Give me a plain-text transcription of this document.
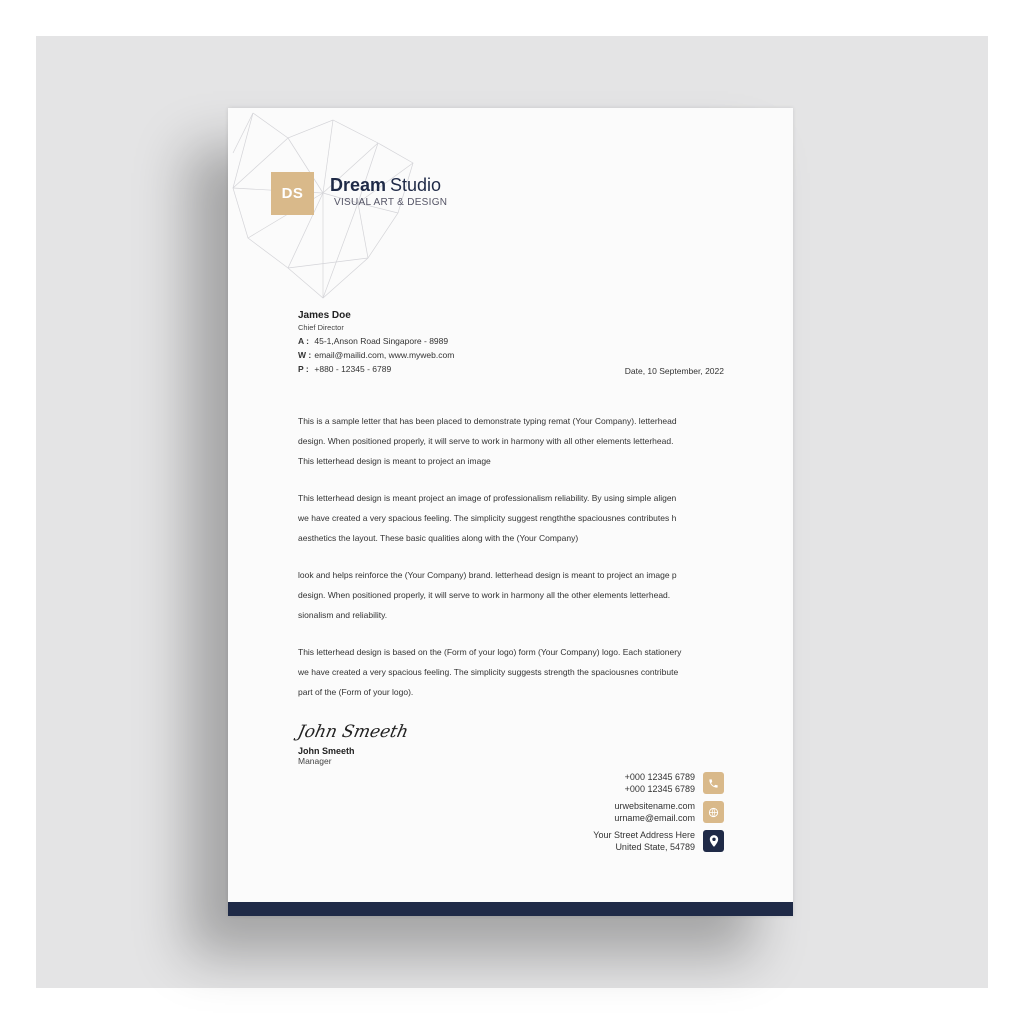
DS Dream Studio
VISUAL ART & DESIGN
James Doe
Chief Director
A : 45-1,Anson Road Singapore - 8989
W : email@mailid.com, www.myweb.com
P : +880 - 12345 - 6789	Date, 10 September, 2022
This is a sample letter that has been placed to demonstrate typing remat (Your Company). letterhead
design. When positioned properly, it will serve to work in harmony with all other elements letterhead.
This letterhead design is meant to project an image
This letterhead design is meant project an image of professionalism reliability. By using simple aligen
we have created a very spacious feeling. The simplicity suggest rengththe spaciousnes contributes h
aesthetics the layout. These basic qualities along with the (Your Company)
look and helps reinforce the (Your Company) brand. letterhead design is meant to project an image p
design. When positioned properly, it will serve to work in harmony all the other elements letterhead.
sionalism and reliability.
This letterhead design is based on the (Form of your logo) form (Your Company) logo. Each stationery
we have created a very spacious feeling. The simplicity suggests strength the spaciousnes contribute
part of the (Form of your logo).
John Smeeth
John Smeeth
Manager
+000 12345 6789
+000 12345 6789
urwebsitename.com
urname@email.com
Your Street Address Here
United State, 54789
